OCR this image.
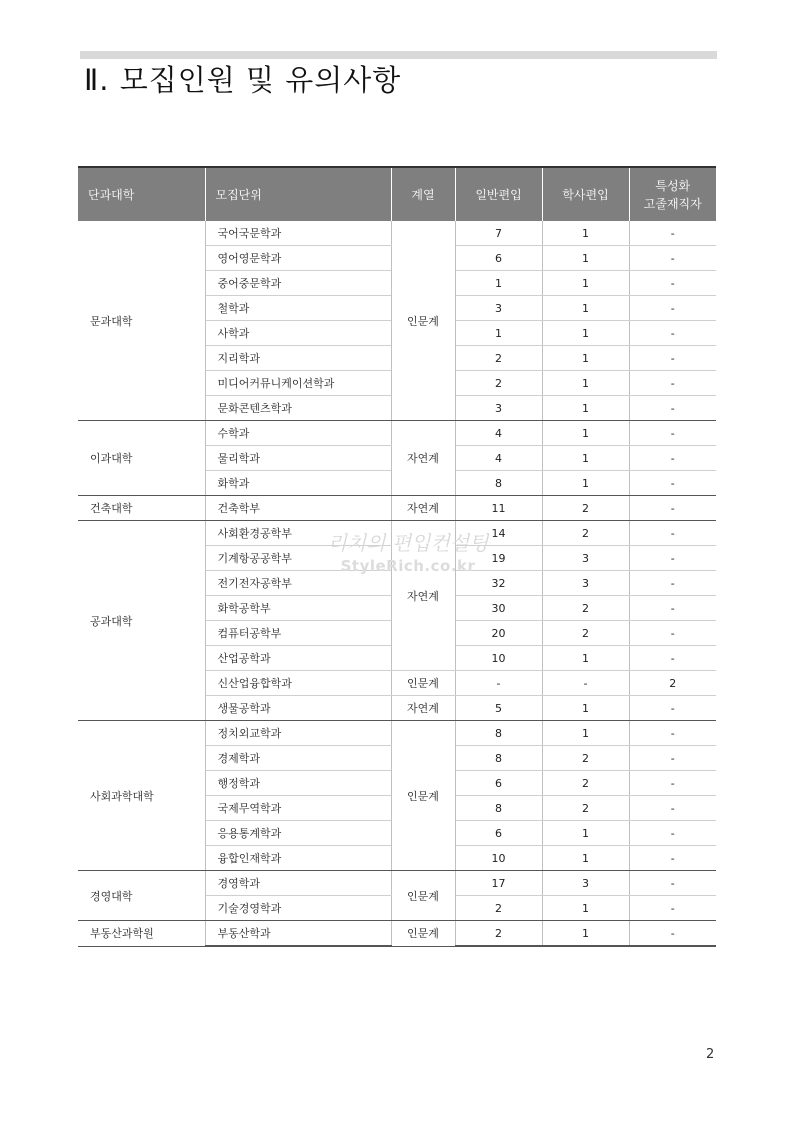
Ⅱ. 모집인원 및 유의사항
단과대학	모집단위	계열	일반편입	학사편입	특성화
고졸재직자
문과대학	국어국문학과	인문계	7	1	-
	영어영문학과		6	1	-
	중어중문학과		1	1	-
	철학과		3	1	-
	사학과		1	1	-
	지리학과		2	1	-
	미디어커뮤니케이션학과		2	1	-
	문화콘텐츠학과		3	1	-
이과대학	수학과	자연계	4	1	-
	물리학과		4	1	-
	화학과		8	1	-
건축대학	건축학부	자연계	11	2	-
공과대학	사회환경공학부	자연계	14	2	-
	기계항공공학부		19	3	-
	전기전자공학부		32	3	-
	화학공학부		30	2	-
	컴퓨터공학부		20	2	-
	산업공학과		10	1	-
	신산업융합학과	인문계	-	-	2
	생물공학과	자연계	5	1	-
사회과학대학	정치외교학과	인문계	8	1	-
	경제학과		8	2	-
	행정학과		6	2	-
	국제무역학과		8	2	-
	응용통계학과		6	1	-
	융합인재학과		10	1	-
경영대학	경영학과	인문계	17	3	-
	기술경영학과		2	1	-
부동산과학원	부동산학과	인문계	2	1	-
리치의 편입컨설팅
StyleRich.co.kr
2
